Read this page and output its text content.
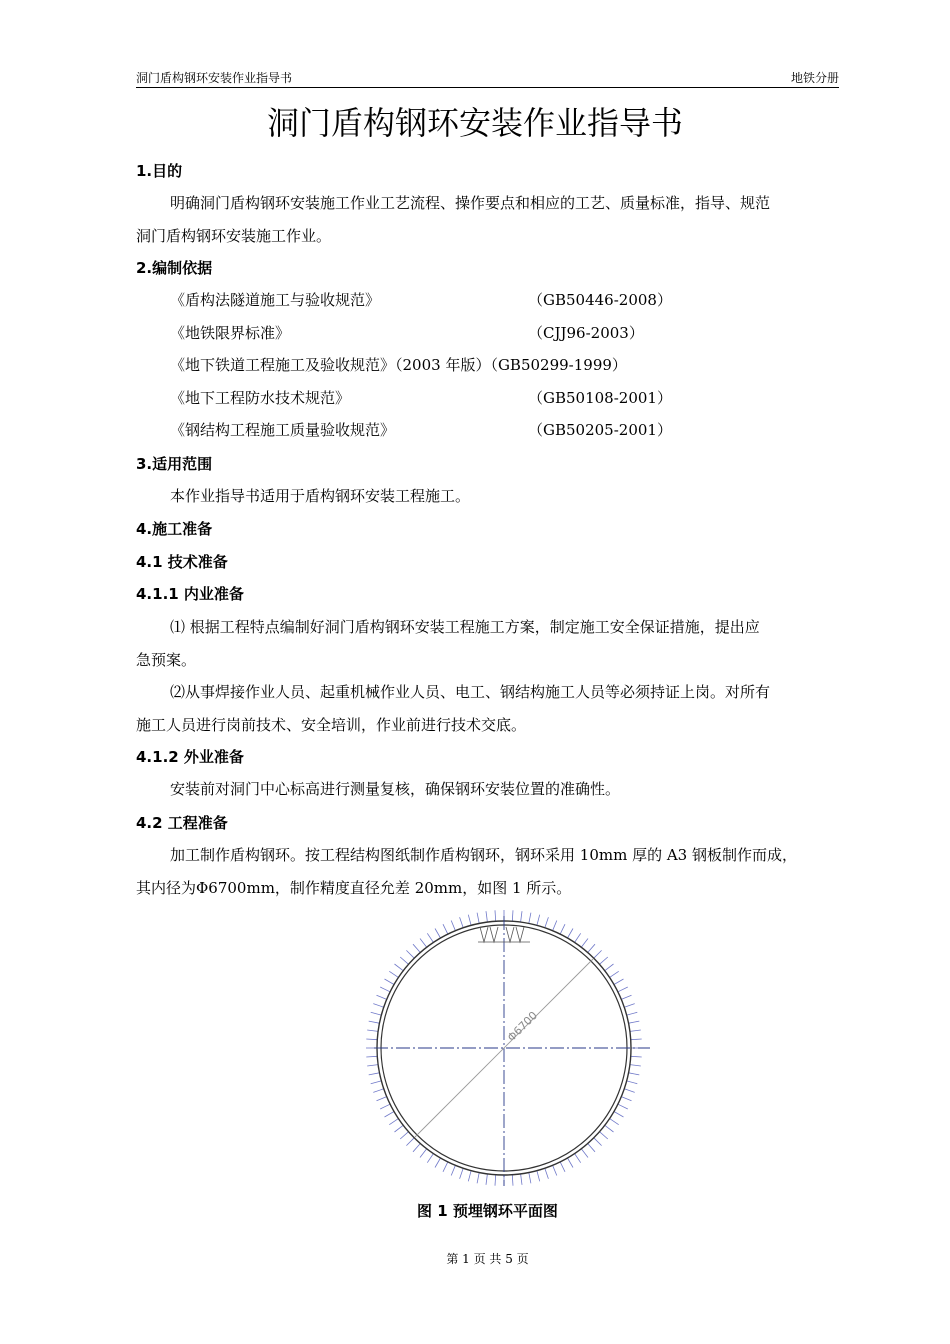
洞门盾构钢环安装作业指导书	地铁分册
洞门盾构钢环安装作业指导书
1.目的
明确洞门盾构钢环安装施工作业工艺流程、操作要点和相应的工艺、质量标准，指导、规范
洞门盾构钢环安装施工作业。
2.编制依据
《盾构法隧道施工与验收规范》	（GB50446-2008）
《地铁限界标准》	（CJJ96-2003）
《地下铁道工程施工及验收规范》（2003 年版）（GB50299-1999）
《地下工程防水技术规范》	（GB50108-2001）
《钢结构工程施工质量验收规范》	（GB50205-2001）
3.适用范围
本作业指导书适用于盾构钢环安装工程施工。
4.施工准备
4.1 技术准备
4.1.1 内业准备
⑴ 根据工程特点编制好洞门盾构钢环安装工程施工方案，制定施工安全保证措施，提出应
急预案。
⑵从事焊接作业人员、起重机械作业人员、电工、钢结构施工人员等必须持证上岗。对所有
施工人员进行岗前技术、安全培训，作业前进行技术交底。
4.1.2 外业准备
安装前对洞门中心标高进行测量复核，确保钢环安装位置的准确性。
4.2 工程准备
加工制作盾构钢环。按工程结构图纸制作盾构钢环，钢环采用 10mm 厚的 A3 钢板制作而成，
其内径为Φ6700mm，制作精度直径允差 20mm，如图 1 所示。
Φ6700
图 1 预埋钢环平面图
第 1 页 共 5 页
